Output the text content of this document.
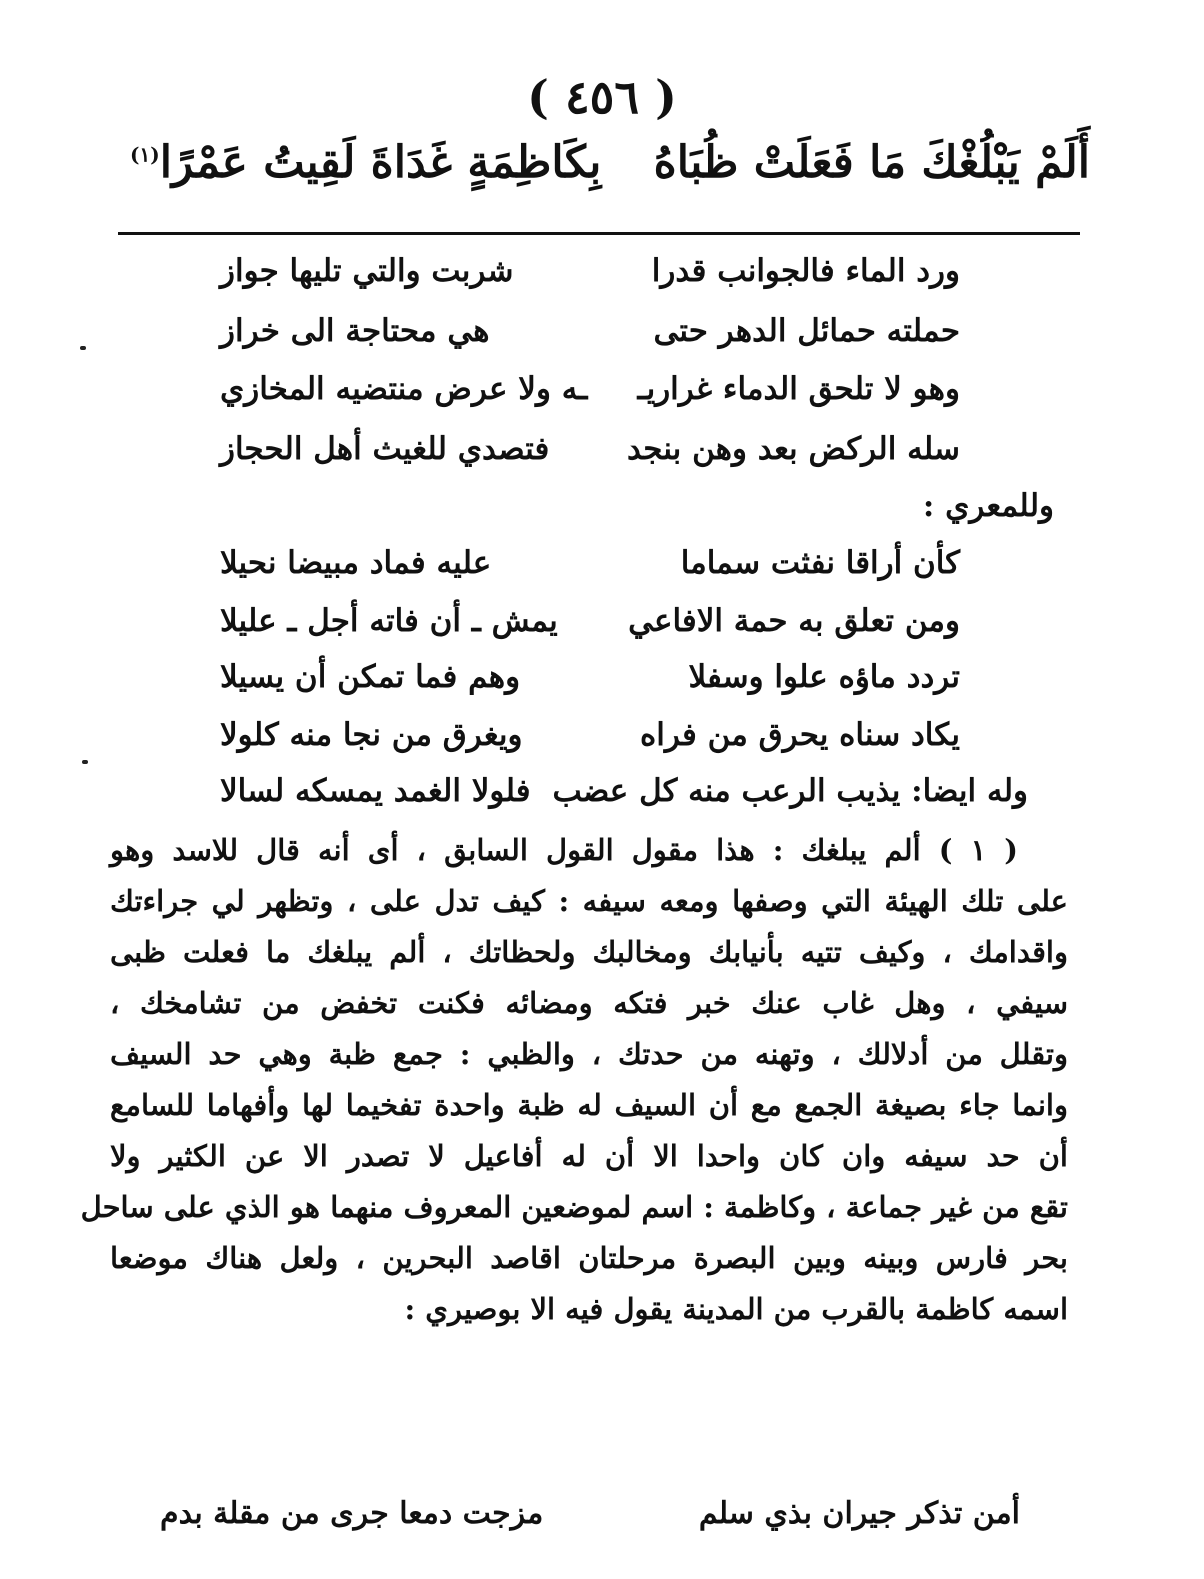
( ٤٥٦ )
أَلَمْ يَبْلُغْكَ مَا فَعَلَتْ ظُبَاهُ
بِكَاظِمَةٍ غَدَاةَ لَقِيتُ عَمْرًا$^{(١)}$
ورد الماء فالجوانب قدرا
شربت والتي تليها جواز
حملته حمائل الدهر حتى
هي محتاجة الى خراز
وهو لا تلحق الدماء غراريـ
ـه ولا عرض منتضيه المخازي
سله الركض بعد وهن بنجد
فتصدي للغيث أهل الحجاز
وللمعري :
كأن أراقا نفثت سماما
عليه فماد مبيضا نحيلا
ومن تعلق به حمة الافاعي
يمش ـ أن فاته أجل ـ عليلا
تردد ماؤه علوا وسفلا
وهم فما تمكن أن يسيلا
يكاد سناه يحرق من فراه
ويغرق من نجا منه كلولا
وله ايضا: يذيب الرعب منه كل عضب
فلولا الغمد يمسكه لسالا

( ١ ) ألم يبلغك : هذا مقول القول السابق ، أى أنه قال للاسد وهو

على تلك الهيئة التي وصفها ومعه سيفه : كيف تدل على ، وتظهر لي جراءتك

واقدامك ، وكيف تتيه بأنيابك ومخالبك ولحظاتك ، ألم يبلغك ما فعلت ظبى

سيفي ، وهل غاب عنك خبر فتكه ومضائه فكنت تخفض من تشامخك ،

وتقلل من أدلالك ، وتهنه من حدتك ، والظبي : جمع ظبة وهي حد السيف

وانما جاء بصيغة الجمع مع أن السيف له ظبة واحدة تفخيما لها وأفهاما للسامع

أن حد سيفه وان كان واحدا الا أن له أفاعيل لا تصدر الا عن الكثير ولا

تقع من غير جماعة ، وكاظمة : اسم لموضعين المعروف منهما هو الذي على ساحل

بحر فارس وبينه وبين البصرة مرحلتان اقاصد البحرين ، ولعل هناك موضعا

اسمه كاظمة بالقرب من المدينة يقول فيه الا بوصيري :

أمن تذكر جيران بذي سلم
مزجت دمعا جرى من مقلة بدم
